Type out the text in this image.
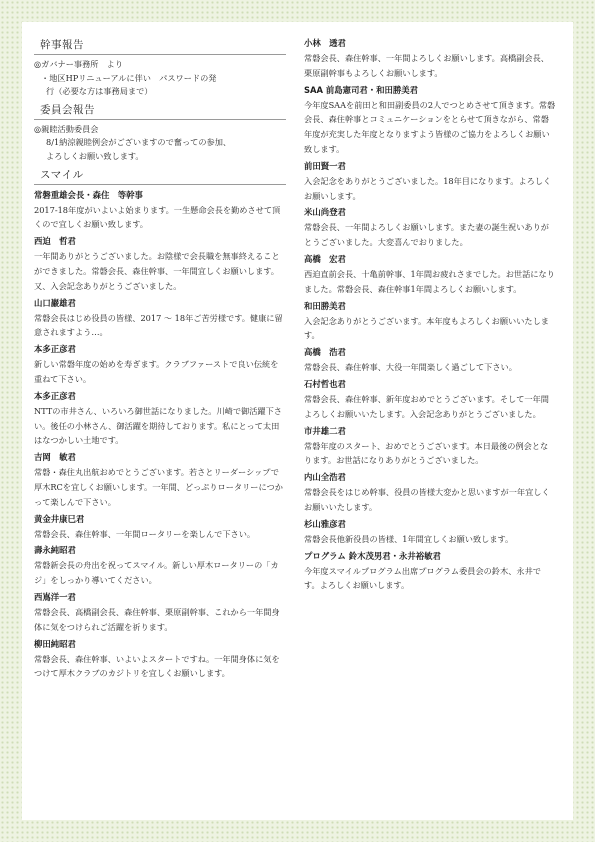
幹事報告

◎ガバナー事務所　より

・地区HPリニューアルに伴い　パスワードの発

行（必要な方は事務局まで）

委員会報告

◎親睦活動委員会

8/1納涼親睦例会がございますので奮っての参加、

よろしくお願い致します。

スマイル
常磐重雄会長・森住　等幹事

2017-18年度がいよいよ始まります。一生懸命会長を勤めさせて頂くので宜しくお願い致します。

西迫　哲君

一年間ありがとうございました。お陰様で会長職を無事終えることができました。常磐会長、森住幹事、一年間宜しくお願いします。又、入会記念ありがとうございました。

山口巖雄君

常磐会長はじめ役員の皆様、2017 ～ 18年ご苦労様です。健康に留意されますよう…。

本多正彦君

新しい常磐年度の始めを寿ぎます。クラブファーストで良い伝統を重ねて下さい。

本多正彦君

NTTの市井さん、いろいろ御世話になりました。川崎で御活躍下さい。後任の小林さん、御活躍を期待しております。私にとって太田はなつかしい土地です。

吉岡　敏君

常磐・森住丸出航おめでとうございます。若さとリーダーシップで厚木RCを宜しくお願いします。一年間、どっぷりロータリーにつかって楽しんで下さい。

黄金井康巳君

常磐会長、森住幹事、一年間ロータリーを楽しんで下さい。

壽永純昭君

常磐新会長の舟出を祝ってスマイル。新しい厚木ロータリーの「カジ」をしっかり導いてください。

西嶌洋一君

常磐会長、高橋副会長、森住幹事、栗原副幹事、これから一年間身体に気をつけられご活躍を祈ります。

柳田純昭君

常磐会長、森住幹事、いよいよスタートですね。一年間身体に気をつけて厚木クラブのカジトリを宜しくお願いします。

小林　透君

常磐会長、森住幹事、一年間よろしくお願いします。高橋副会長、栗原副幹事もよろしくお願いします。

SAA 前島憲司君・和田勝美君

今年度SAAを前田と和田副委員の2人でつとめさせて頂きます。常磐会長、森住幹事とコミュニケーションをとらせて頂きながら、常磐年度が充実した年度となりますよう皆様のご協力をよろしくお願い致します。

前田賢一君

入会記念をありがとうございました。18年目になります。よろしくお願いします。

米山尚登君

常磐会長、一年間よろしくお願いします。また妻の誕生祝いありがとうございました。大変喜んでおりました。

高橋　宏君

西迫直前会長、十亀前幹事、1年間お疲れさまでした。お世話になりました。常磐会長、森住幹事1年間よろしくお願いします。

和田勝美君

入会記念ありがとうございます。本年度もよろしくお願いいたします。

高橋　浩君

常磐会長、森住幹事、大役一年間楽しく過ごして下さい。

石村哲也君

常磐会長、森住幹事、新年度おめでとうございます。そして一年間よろしくお願いいたします。入会記念ありがとうございました。

市井雄二君

常磐年度のスタート、おめでとうございます。本日最後の例会となります。お世話になりありがとうございました。

内山全浩君

常磐会長をはじめ幹事、役員の皆様大変かと思いますが一年宜しくお願いいたします。

杉山雅彦君

常磐会長他新役員の皆様、1年間宜しくお願い致します。

プログラム 鈴木茂男君・永井裕敏君

今年度スマイルプログラム出席プログラム委員会の鈴木、永井です。よろしくお願いします。
